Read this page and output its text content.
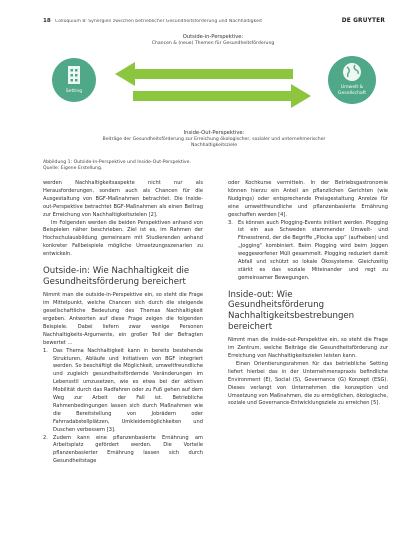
18 Colloquium 8: Synergien zwischen betrieblicher Gesundheitsförderung und Nachhaltigkeit	DE GRUYTER
Outside-in-Perspektive:
Chancen & (neue) Themen für Gesundheitsförderung
Setting
Umwelt &
Gesellschaft
Inside-Out-Perspektive:
Beiträge der Gesundheitsförderung zur Erreichung ökologischer, sozialer und unternehmerischer
Nachhaltigkeitsziele
Abbildung 1: Outside-In-Perspektive und Inside-Out-Perspektive.
Quelle: Eigene Erstellung.

werden Nachhaltigkeitsaspekte nicht nur als Herausforderungen, sondern auch als Chancen für die Ausgestaltung von BGF-Maßnahmen betrachtet. Die Inside-out-Perspektive betrachtet BGF-Maßnahmen als einen Beitrag zur Erreichung von Nachhaltigkeitszielen [2].

Im Folgenden werden die beiden Perspektiven anhand von Beispielen näher beschrieben. Ziel ist es, im Rahmen der Hochschulausbildung gemeinsam mit Studierenden anhand konkreter Fallbeispiele mögliche Umsetzungsszenarien zu entwickeln.

Outside-in: Wie Nachhaltigkeit die Gesundheitsförderung bereichert

Nimmt man die outside-in-Perspektive ein, so steht die Frage im Mittelpunkt, welche Chancen sich durch die steigende gesellschaftliche Bedeutung des Themas Nachhaltigkeit ergeben. Antworten auf diese Frage zeigen die folgenden Beispiele. Dabei liefern zwar wenige Personen Nachhaltigkeits-Argumente, ein großer Teil der Befragten bewertet …

1.	Das Thema Nachhaltigkeit kann in bereits bestehende Strukturen, Abläufe und Initiativen von BGF integriert werden. So beschäftigt die Möglichkeit, umweltfreundliche und zugleich gesundheitsfördernde Veränderungen im Lebensstil umzusetzen, wie es etwa bei der aktiven Mobilität durch das Radfahren oder zu Fuß gehen auf dem Weg zur Arbeit der Fall ist. Betriebliche Rahmenbedingungen lassen sich durch Maßnahmen wie die Bereitstellung von Jobrädern oder Fahrradabstellplätzen, Umkleidemöglichkeiten und Duschen verbessern [3].
2.	Zudem kann eine pflanzenbasierte Ernährung am Arbeitsplatz gefördert werden. Die Vorteile pflanzenbasierter Ernährung lassen sich durch Gesundheitstage

oder Kochkurse vermitteln. In der Betriebsgastronomie können hierzu ein Anteil an pflanzlichen Gerichten (wie Nudgings) oder entsprechende Preisgestaltung Anreize für eine umweltfreundliche und pflanzenbasierte Ernährung geschaffen werden [4].

3.	Es können auch Plogging-Events initiiert werden. Plogging ist ein aus Schweden stammender Umwelt- und Fitnesstrend, der die Begriffe „Plocka upp“ (aufheben) und „Jogging“ kombiniert. Beim Plogging wird beim Joggen weggeworfener Müll gesammelt. Plogging reduziert damit Abfall und schützt so lokale Ökosysteme. Gleichzeitig stärkt es das soziale Miteinander und regt zu gemeinsamer Bewegungen.
Inside-out: Wie Gesundheitsförderung Nachhaltigkeitsbestrebungen bereichert

Nimmt man die inside-out-Perspektive ein, so steht die Frage im Zentrum, welche Beiträge die Gesundheitsförderung zur Erreichung von Nachhaltigkeitszielen leisten kann.

Einen Orientierungsrahmen für das betriebliche Setting liefert hierbei das in der Unternehmenspraxis befindliche Environment (E), Social (S), Governance (G) Konzept (ESG). Dieses verlangt von Unternehmen die konzeption und Umsetzung von Maßnahmen, die zu ermöglichen, ökologische, soziale und Governance-Entwicklungsziele zu erreichen [5].
